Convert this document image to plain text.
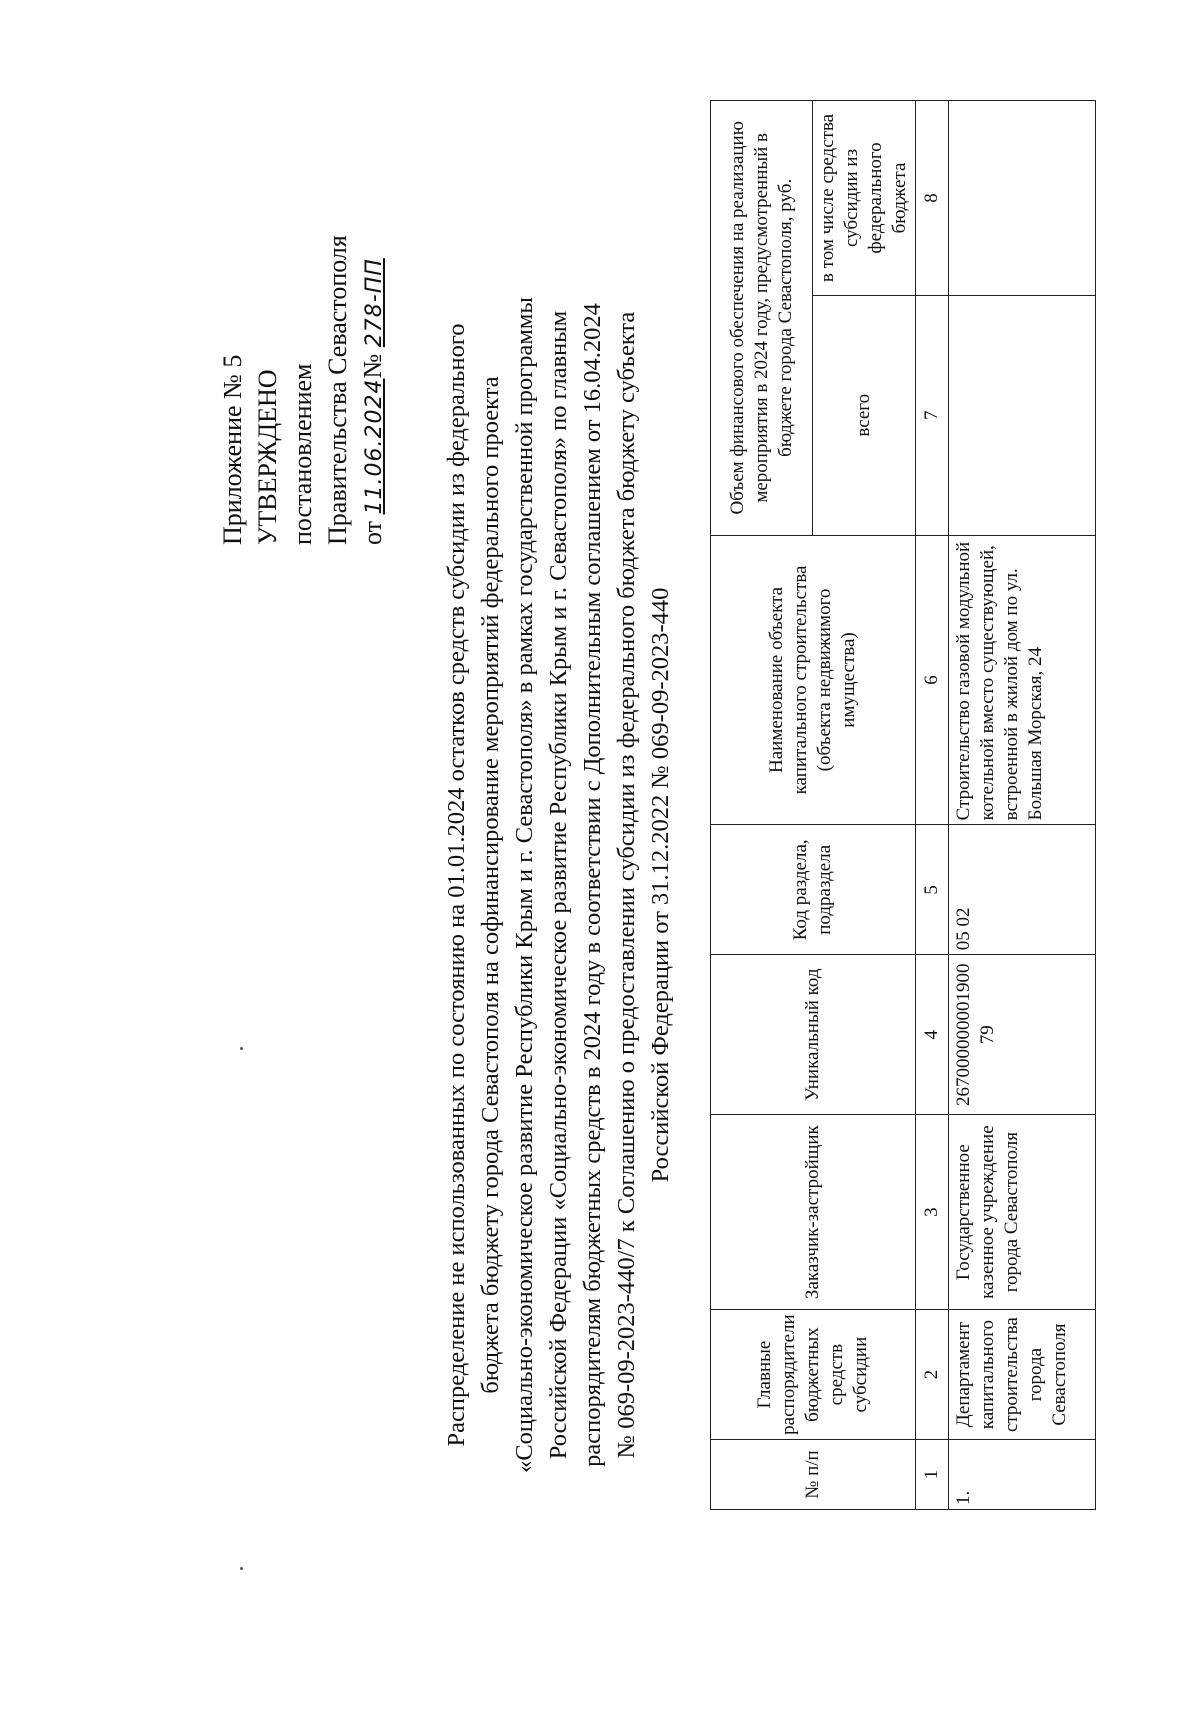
Приложение № 5 УТВЕРЖДЕНО постановлением Правительства Севастополя от 11.06.2024№ 278-ПП
Распределение не использованных по состоянию на 01.01.2024 остатков средств субсидии из федерального бюджета бюджету города Севастополя на софинансирование мероприятий федерального проекта «Социально-экономическое развитие Республики Крым и г. Севастополя» в рамках государственной программы Российской Федерации «Социально-экономическое развитие Республики Крым и г. Севастополя» по главным распорядителям бюджетных средств в 2024 году в соответствии с Дополнительным соглашением от 16.04.2024 № 069-09-2023-440/7 к Соглашению о предоставлении субсидии из федерального бюджета бюджету субъекта Российской Федерации от 31.12.2022 № 069-09-2023-440
№ п/п	Главные распорядители бюджетных средств субсидии	Заказчик-застройщик	Уникальный код	Код раздела, подраздела	Наименование объекта капитального строительства (объекта недвижимого имущества)	Объем финансового обеспечения на реализацию мероприятия в 2024 году, предусмотренный в бюджете города Севастополя, руб.	
						всего	в том числе средства субсидии из федерального бюджета
1	2	3	4	5	6	7	8
1.	Департамент капитального строительства города Севастополя	Государственное казенное учреждение города Севастополя	26700000000190079	05 02	Строительство газовой модульной котельной вместо существующей, встроенной в жилой дом по ул. Большая Морская, 24		
